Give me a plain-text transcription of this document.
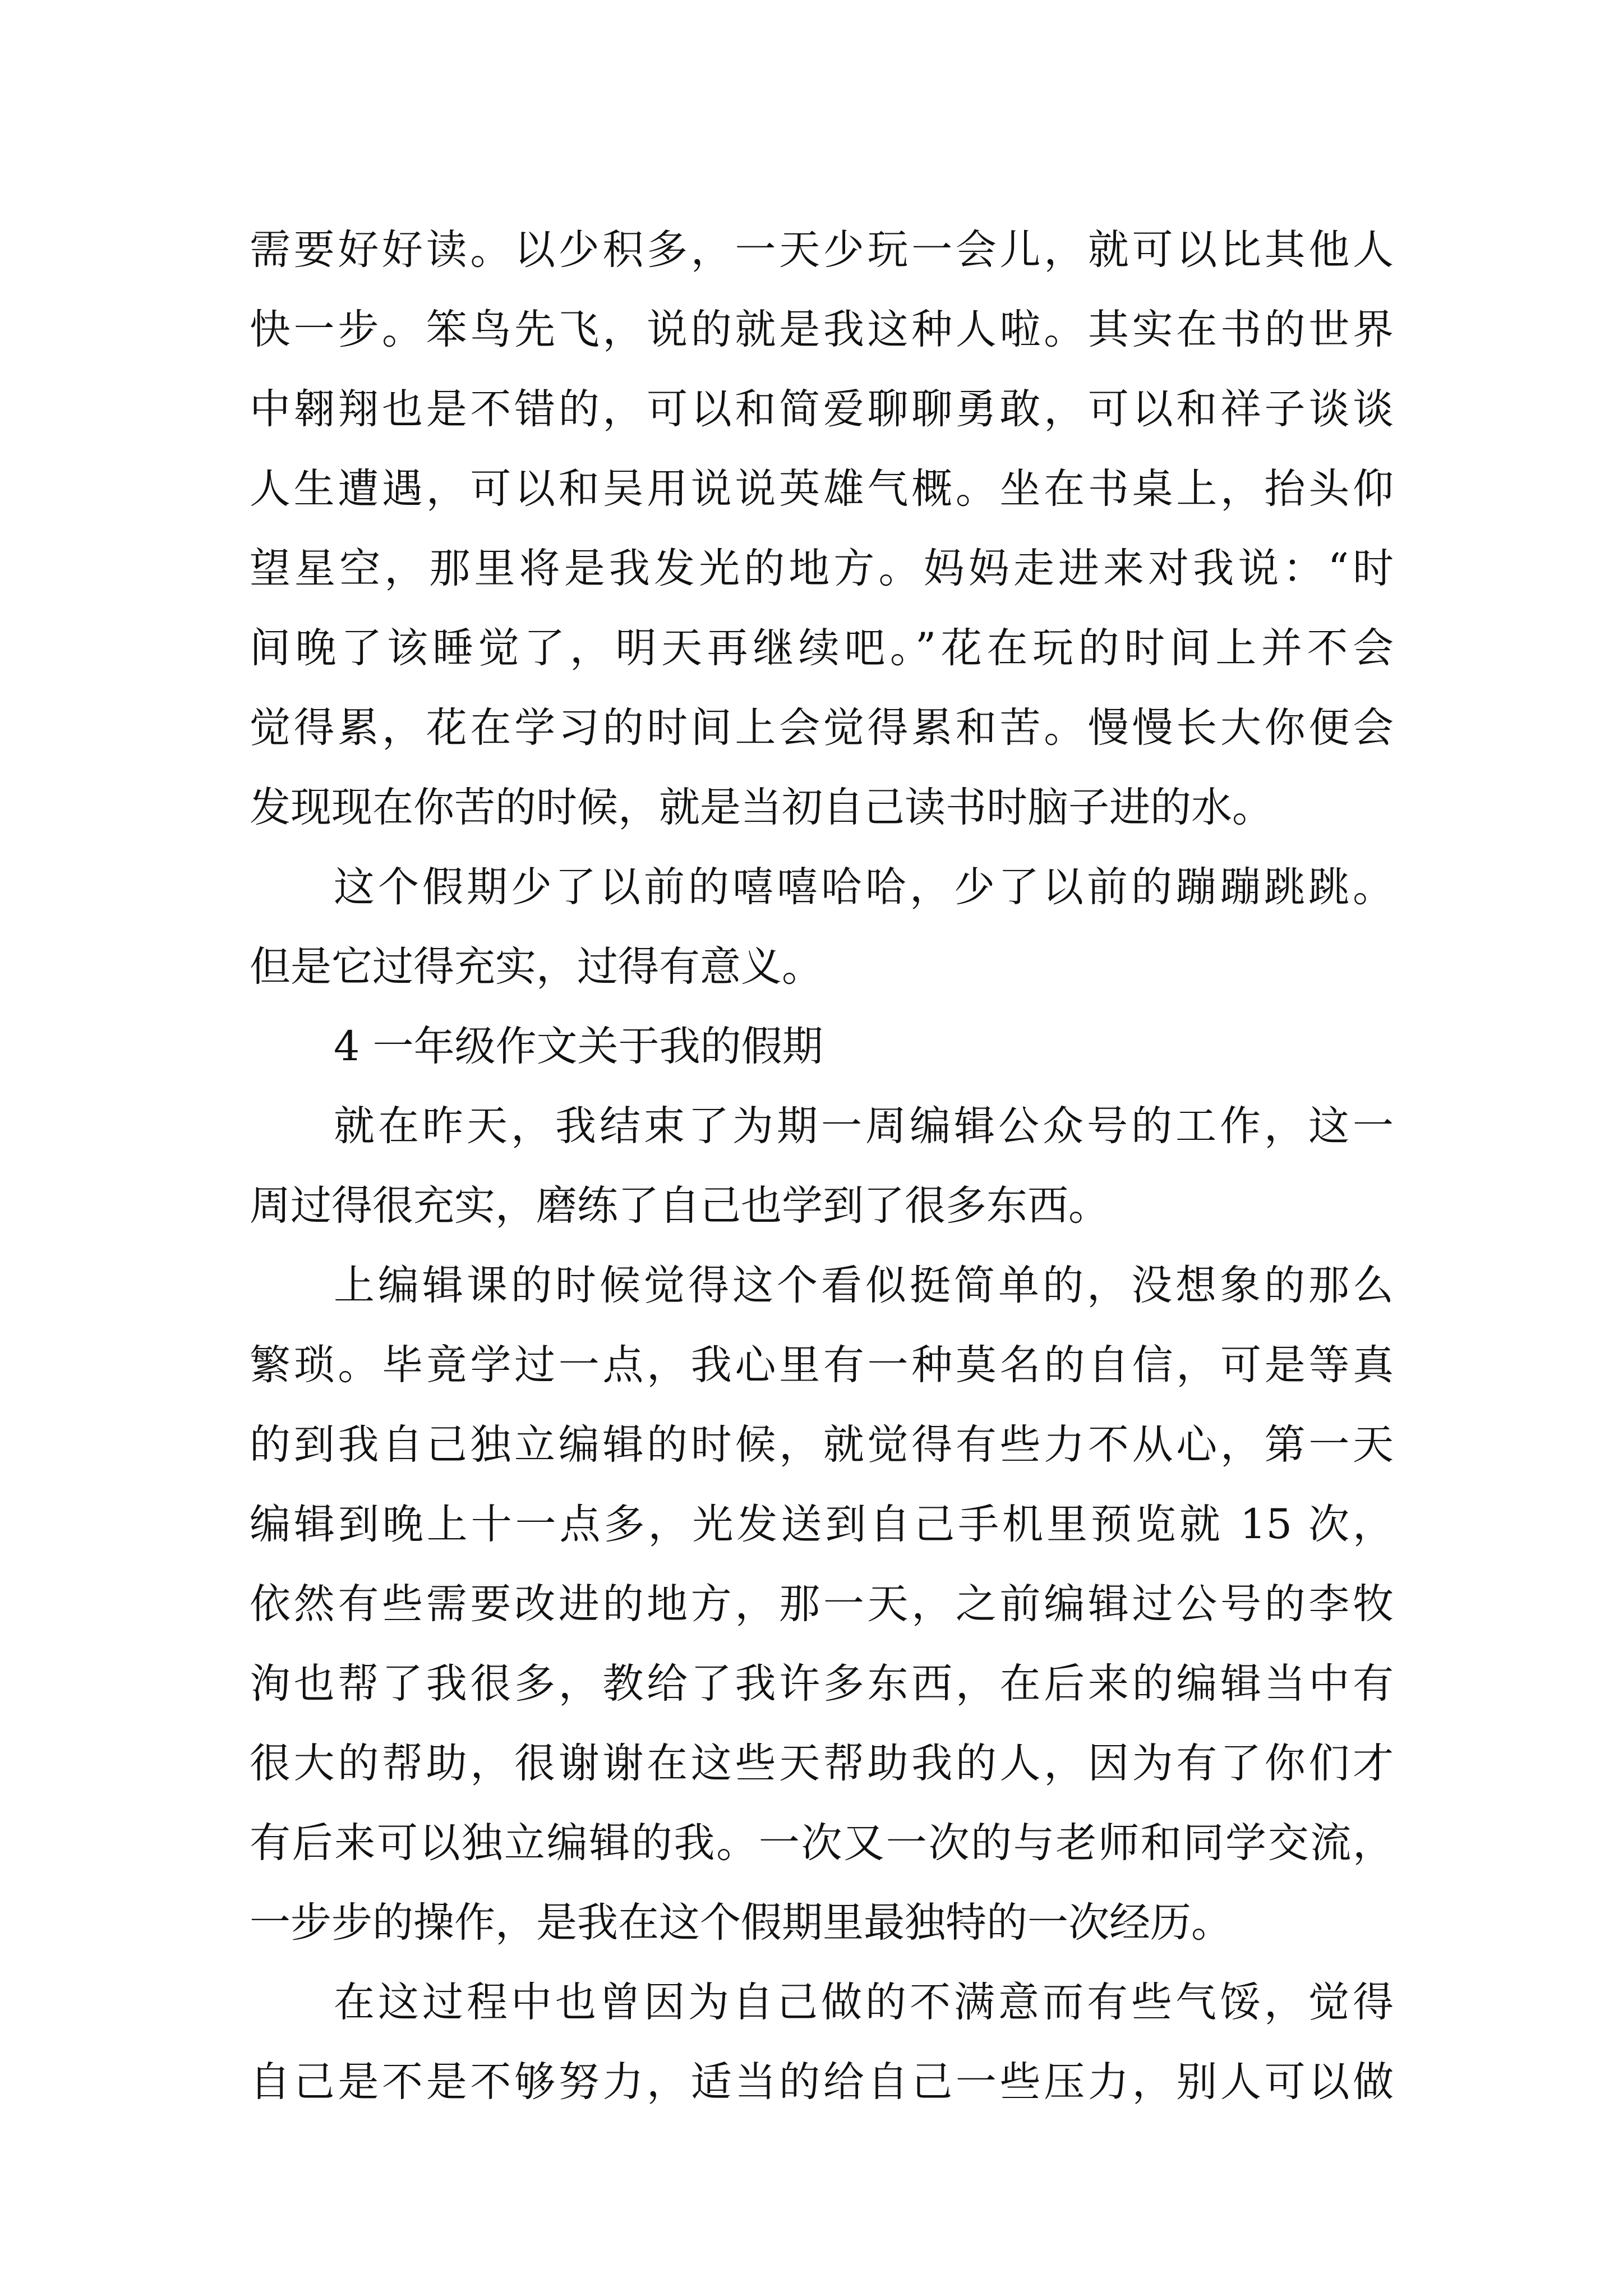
需要好好读。以少积多，一天少玩一会儿，就可以比其他人
快一步。笨鸟先飞，说的就是我这种人啦。其实在书的世界
中翱翔也是不错的，可以和简爱聊聊勇敢，可以和祥子谈谈
人生遭遇，可以和吴用说说英雄气概。坐在书桌上，抬头仰
望星空，那里将是我发光的地方。妈妈走进来对我说：“时
间晚了该睡觉了，明天再继续吧。”花在玩的时间上并不会
觉得累，花在学习的时间上会觉得累和苦。慢慢长大你便会
发现现在你苦的时候，就是当初自己读书时脑子进的水。
这个假期少了以前的嘻嘻哈哈，少了以前的蹦蹦跳跳。
但是它过得充实，过得有意义。
4 一年级作文关于我的假期
就在昨天，我结束了为期一周编辑公众号的工作，这一
周过得很充实，磨练了自己也学到了很多东西。
上编辑课的时候觉得这个看似挺简单的，没想象的那么
繁琐。毕竟学过一点，我心里有一种莫名的自信，可是等真
的到我自己独立编辑的时候，就觉得有些力不从心，第一天
编辑到晚上十一点多，光发送到自己手机里预览就 15 次，
依然有些需要改进的地方，那一天，之前编辑过公号的李牧
洵也帮了我很多，教给了我许多东西，在后来的编辑当中有
很大的帮助，很谢谢在这些天帮助我的人，因为有了你们才
有后来可以独立编辑的我。一次又一次的与老师和同学交流，
一步步的操作，是我在这个假期里最独特的一次经历。
在这过程中也曾因为自己做的不满意而有些气馁，觉得
自己是不是不够努力，适当的给自己一些压力，别人可以做
